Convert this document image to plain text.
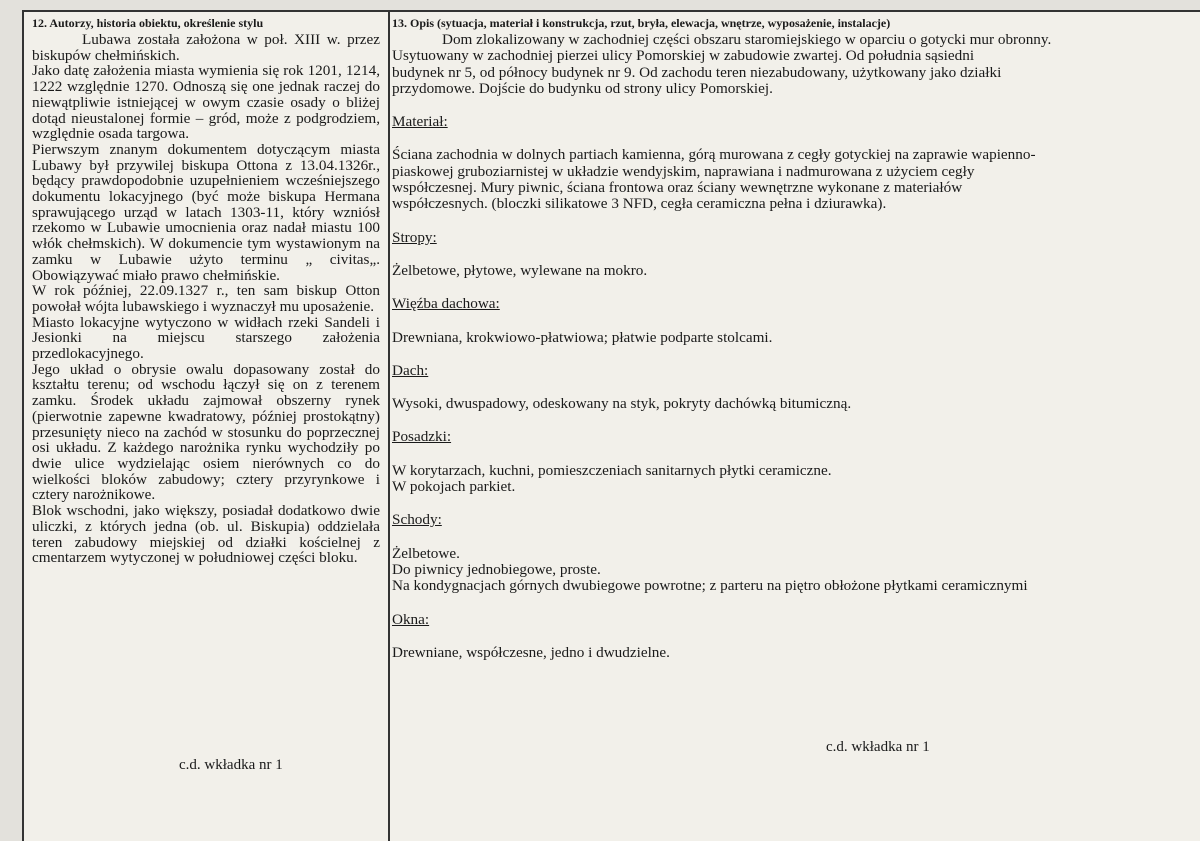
12. Autorzy, historia obiektu, określenie stylu

Lubawa została założona w poł. XIII w. przez biskupów chełmińskich.

Jako datę założenia miasta wymienia się rok 1201, 1214, 1222 względnie 1270. Odnoszą się one jednak raczej do niewątpliwie istniejącej w owym czasie osady o bliżej dotąd nieustalonej formie – gród, może z podgrodziem, względnie osada targowa.

Pierwszym znanym dokumentem dotyczącym miasta Lubawy był przywilej biskupa Ottona z 13.04.1326r., będący prawdopodobnie uzupełnieniem wcześniejszego dokumentu lokacyjnego (być może biskupa Hermana sprawującego urząd w latach 1303-11, który wzniósł rzekomo w Lubawie umocnienia oraz nadał miastu 100 włók chełmskich). W dokumencie tym wystawionym na zamku w Lubawie użyto terminu „ civitas„. Obowiązywać miało prawo chełmińskie.

W rok później, 22.09.1327 r., ten sam biskup Otton powołał wójta lubawskiego i wyznaczył mu uposażenie.

Miasto lokacyjne wytyczono w widłach rzeki Sandeli i Jesionki na miejscu starszego założenia przedlokacyjnego.

Jego układ o obrysie owalu dopasowany został do kształtu terenu; od wschodu łączył się on z terenem zamku. Środek układu zajmował obszerny rynek (pierwotnie zapewne kwadratowy, później prostokątny) przesunięty nieco na zachód w stosunku do poprzecznej osi układu. Z każdego narożnika rynku wychodziły po dwie ulice wydzielając osiem nierównych co do wielkości bloków zabudowy; cztery przyrynkowe i cztery narożnikowe.

Blok wschodni, jako większy, posiadał dodatkowo dwie uliczki, z których jedna (ob. ul. Biskupia) oddzielała teren zabudowy miejskiej od działki kościelnej z cmentarzem wytyczonej w południowej części bloku.

c.d. wkładka nr 1
13. Opis (sytuacja, materiał i konstrukcja, rzut, bryła, elewacja, wnętrze, wyposażenie, instalacje)

Dom zlokalizowany w zachodniej części obszaru staromiejskiego w oparciu o gotycki mur obronny.

Usytuowany w zachodniej pierzei ulicy Pomorskiej w zabudowie zwartej. Od południa sąsiedni

budynek nr 5, od północy budynek nr 9. Od zachodu teren niezabudowany, użytkowany jako działki

przydomowe. Dojście do budynku od strony ulicy Pomorskiej.

Materiał:

Ściana zachodnia w dolnych partiach kamienna, górą murowana z cegły gotyckiej na zaprawie wapienno-

piaskowej gruboziarnistej w układzie wendyjskim, naprawiana i nadmurowana z użyciem cegły

współczesnej. Mury piwnic, ściana frontowa oraz ściany wewnętrzne wykonane z materiałów

współczesnych. (bloczki silikatowe 3 NFD, cegła ceramiczna pełna i dziurawka).

Stropy:

Żelbetowe, płytowe, wylewane na mokro.

Więźba dachowa:

Drewniana, krokwiowo-płatwiowa; płatwie podparte stolcami.

Dach:

Wysoki, dwuspadowy, odeskowany na styk, pokryty dachówką bitumiczną.

Posadzki:

W korytarzach, kuchni, pomieszczeniach sanitarnych płytki ceramiczne.

W pokojach parkiet.

Schody:

Żelbetowe.

Do piwnicy jednobiegowe, proste.

Na kondygnacjach górnych dwubiegowe powrotne; z parteru na piętro obłożone płytkami ceramicznymi

Okna:

Drewniane, współczesne, jedno i dwudzielne.

c.d. wkładka nr 1
